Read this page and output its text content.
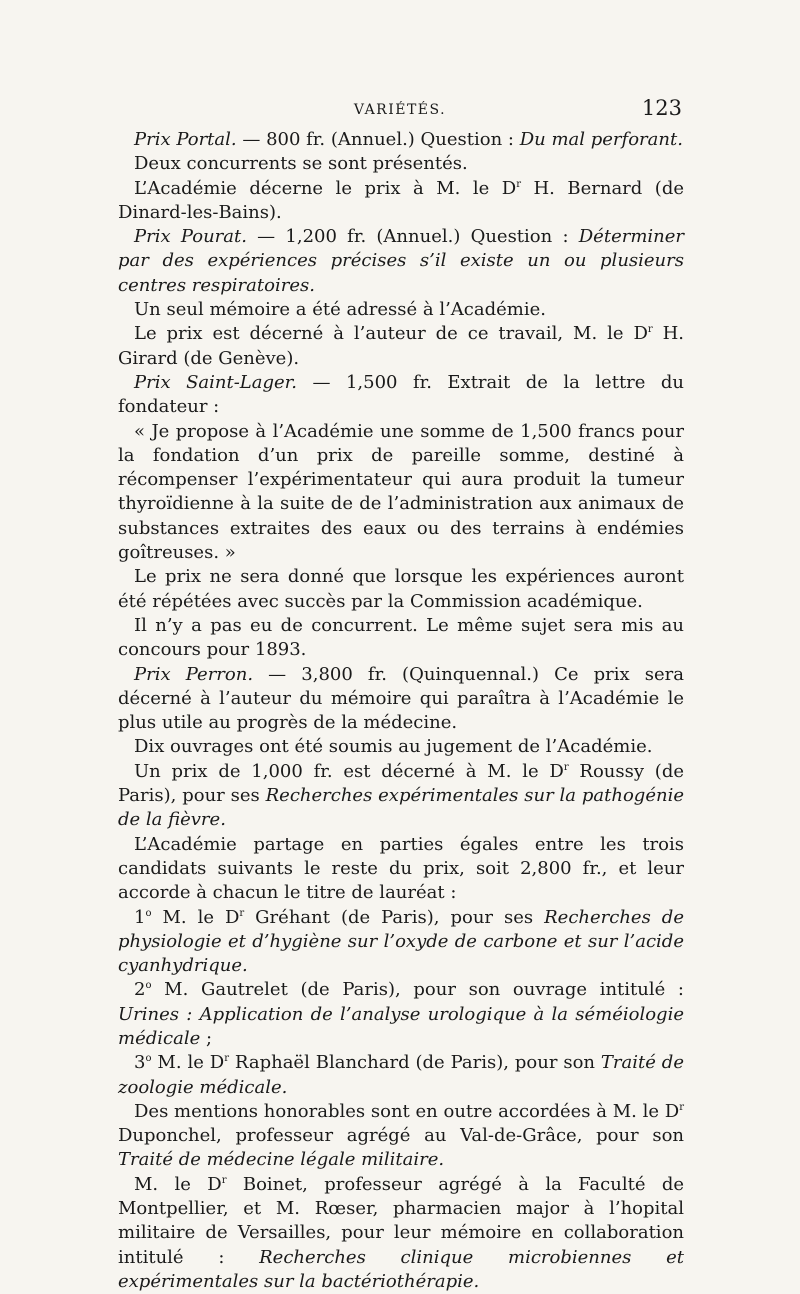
VARIÉTÉS.	123

Prix Portal. — 800 fr. (Annuel.) Question : Du mal perforant.

Deux concurrents se sont présentés.

L’Académie décerne le prix à M. le $D^r$ H. Bernard (de Dinard-les-Bains).

Prix Pourat. — 1,200 fr. (Annuel.) Question : Déterminer par des expériences précises s’il existe un ou plusieurs centres respiratoires.

Un seul mémoire a été adressé à l’Académie.

Le prix est décerné à l’auteur de ce travail, M. le $D^r$ H. Girard (de Genève).

Prix Saint-Lager. — 1,500 fr. Extrait de la lettre du fondateur :

« Je propose à l’Académie une somme de 1,500 francs pour la fondation d’un prix de pareille somme, destiné à récompenser l’expérimentateur qui aura produit la tumeur thyroïdienne à la suite de de l’administration aux animaux de substances extraites des eaux ou des terrains à endémies goîtreuses. »

Le prix ne sera donné que lorsque les expériences auront été répétées avec succès par la Commission académique.

Il n’y a pas eu de concurrent. Le même sujet sera mis au concours pour 1893.

Prix Perron. — 3,800 fr. (Quinquennal.) Ce prix sera décerné à l’auteur du mémoire qui paraîtra à l’Académie le plus utile au progrès de la médecine.

Dix ouvrages ont été soumis au jugement de l’Académie.

Un prix de 1,000 fr. est décerné à M. le $D^r$ Roussy (de Paris), pour ses Recherches expérimentales sur la pathogénie de la fièvre.

L’Académie partage en parties égales entre les trois candidats suivants le reste du prix, soit 2,800 fr., et leur accorde à chacun le titre de lauréat :

1$^o$ M. le $D^r$ Gréhant (de Paris), pour ses Recherches de physiologie et d’hygiène sur l’oxyde de carbone et sur l’acide cyanhydrique.

2$^o$ M. Gautrelet (de Paris), pour son ouvrage intitulé : Urines : Application de l’analyse urologique à la séméiologie médicale ;

3$^o$ M. le $D^r$ Raphaël Blanchard (de Paris), pour son Traité de zoologie médicale.

Des mentions honorables sont en outre accordées à M. le $D^r$ Duponchel, professeur agrégé au Val-de-Grâce, pour son Traité de médecine légale militaire.

M. le $D^r$ Boinet, professeur agrégé à la Faculté de Montpellier, et M. Rœser, pharmacien major à l’hopital militaire de Versailles, pour leur mémoire en collaboration intitulé : Recherches clinique microbiennes et expérimentales sur la bactériothérapie.
